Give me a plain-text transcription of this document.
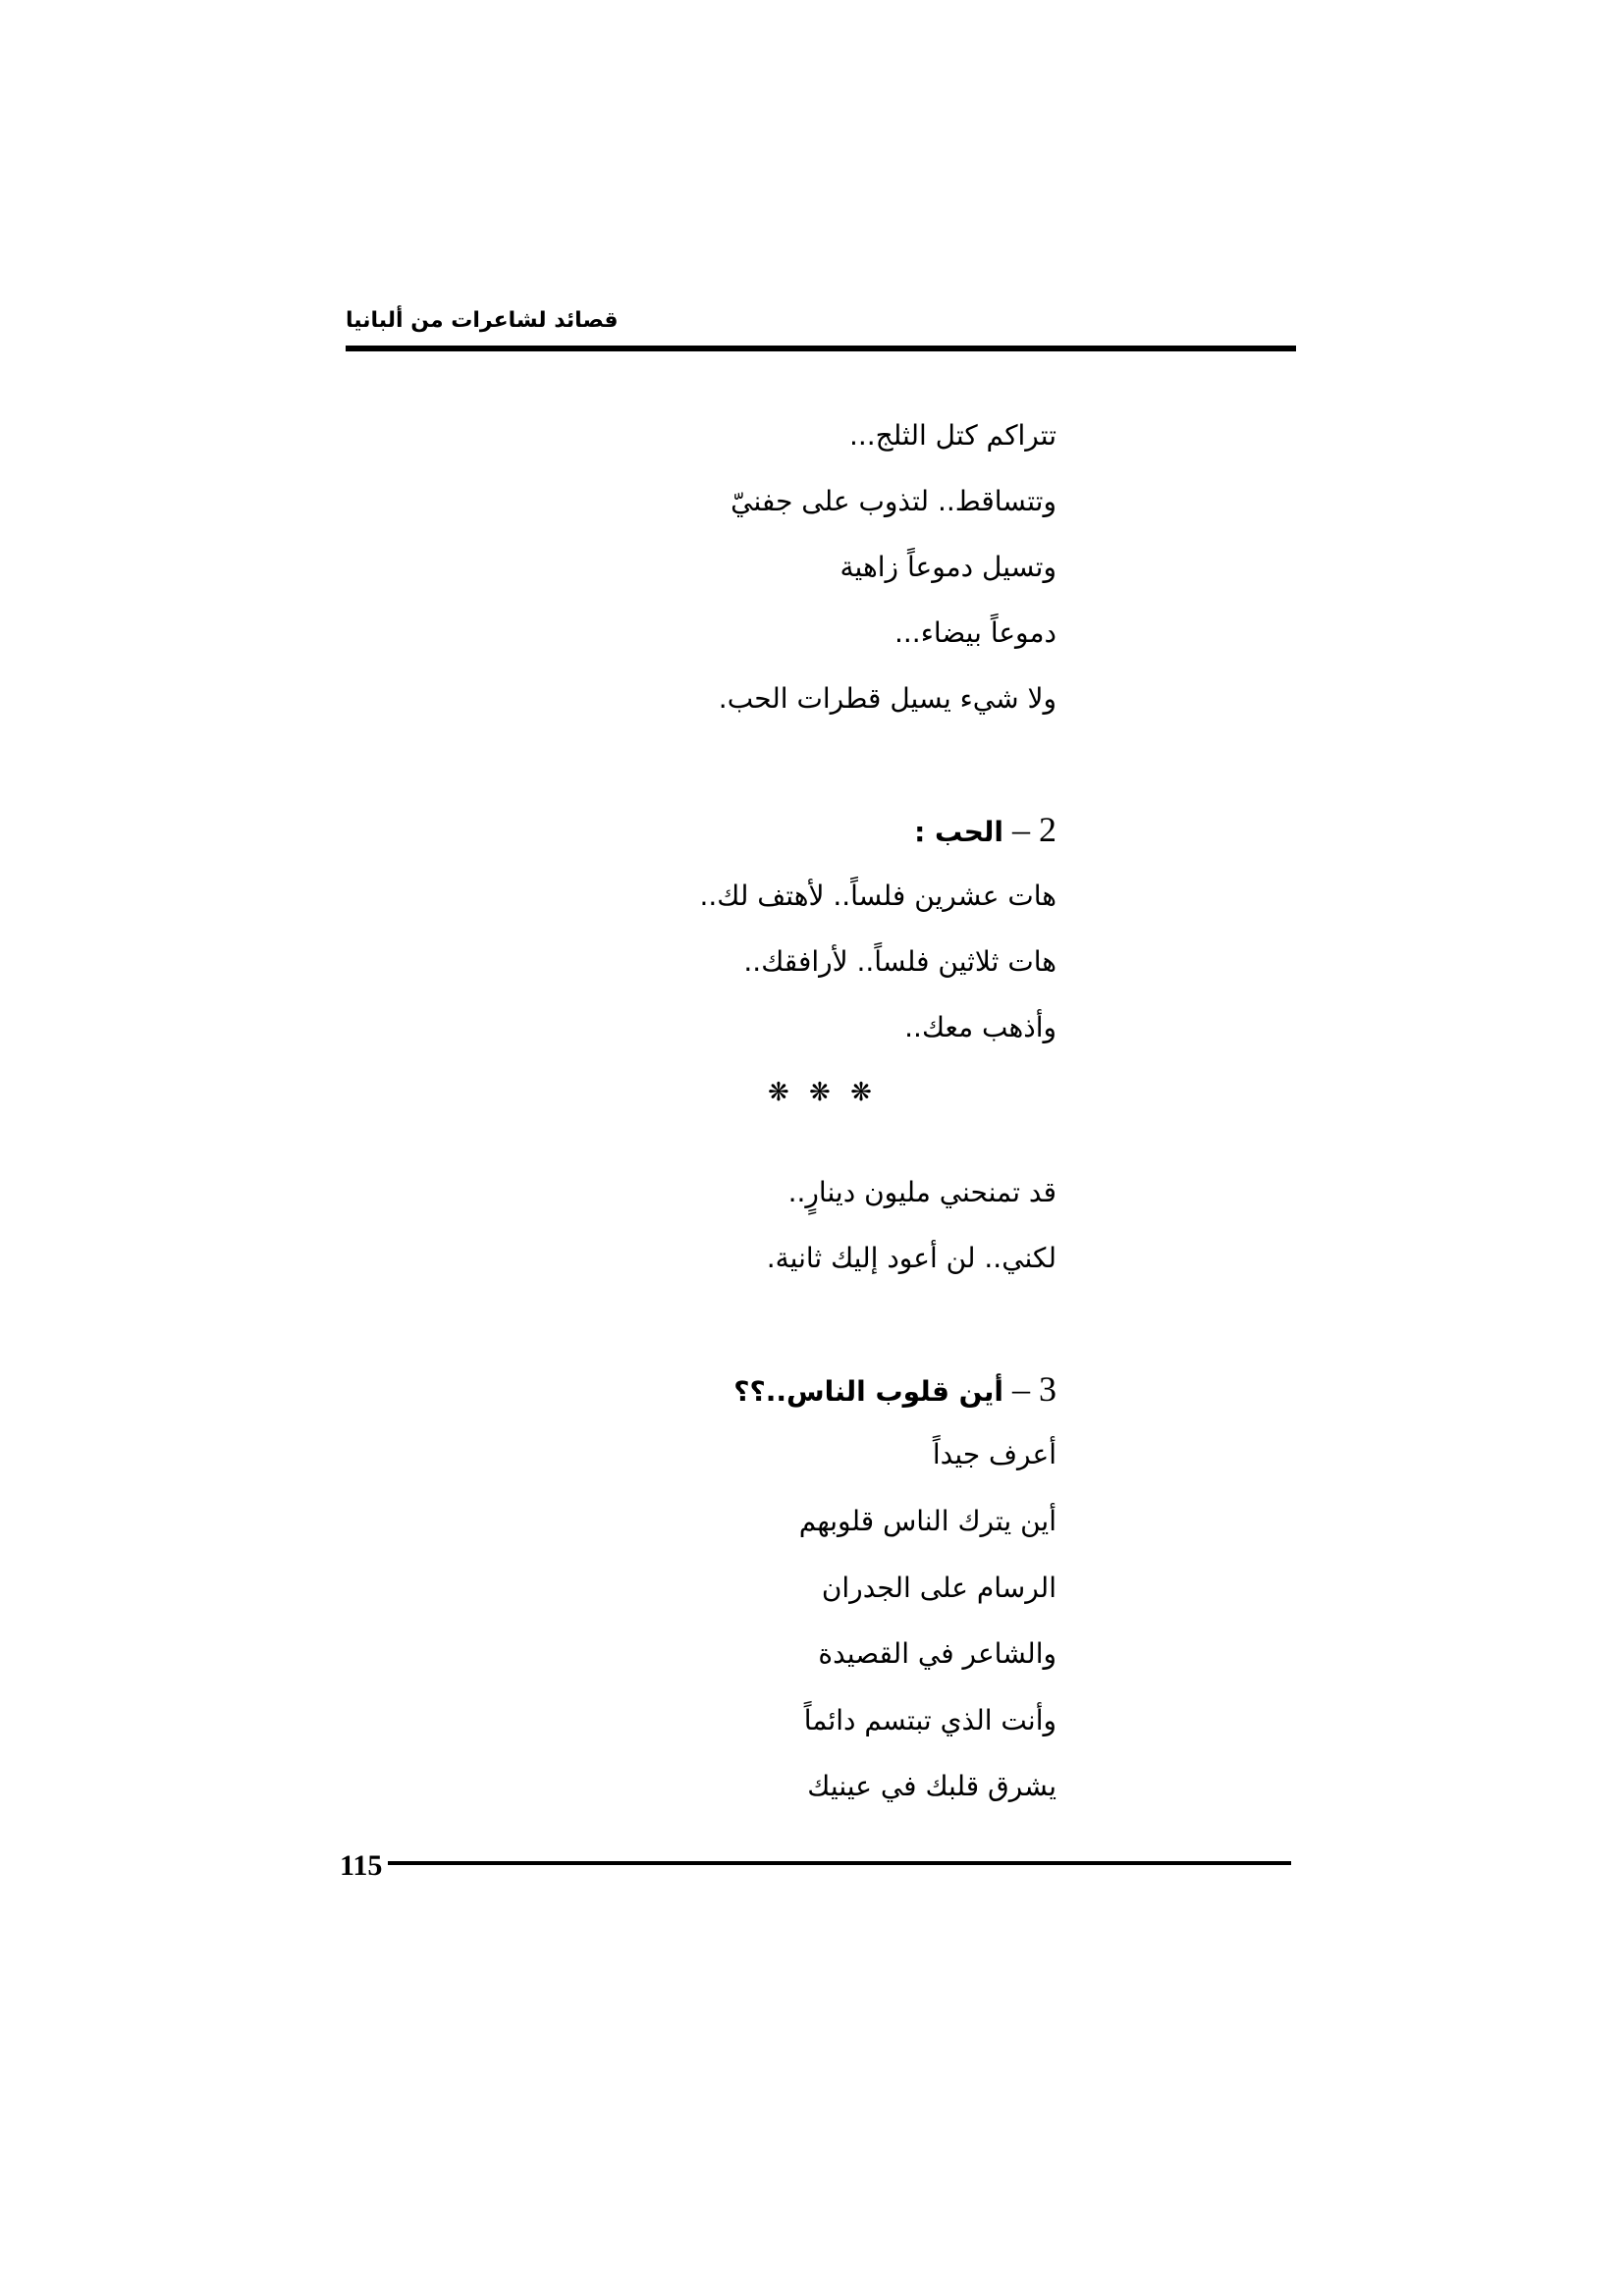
قصائد لشاعرات من ألبانيا
تتراكم كتل الثلج...
وتتساقط.. لتذوب على جفنيّ
وتسيل دموعاً زاهية
دموعاً بيضاء...
ولا شيء يسيل قطرات الحب.
2 – الحب :
هات عشرين فلساً.. لأهتف لك..
هات ثلاثين فلساً.. لأرافقك..
وأذهب معك..
❋ ❋ ❋
قد تمنحني مليون دينارٍ..
لكني.. لن أعود إليك ثانية.
3 – أين قلوب الناس..؟؟
أعرف جيداً
أين يترك الناس قلوبهم
الرسام على الجدران
والشاعر في القصيدة
وأنت الذي تبتسم دائماً
يشرق قلبك في عينيك
115
